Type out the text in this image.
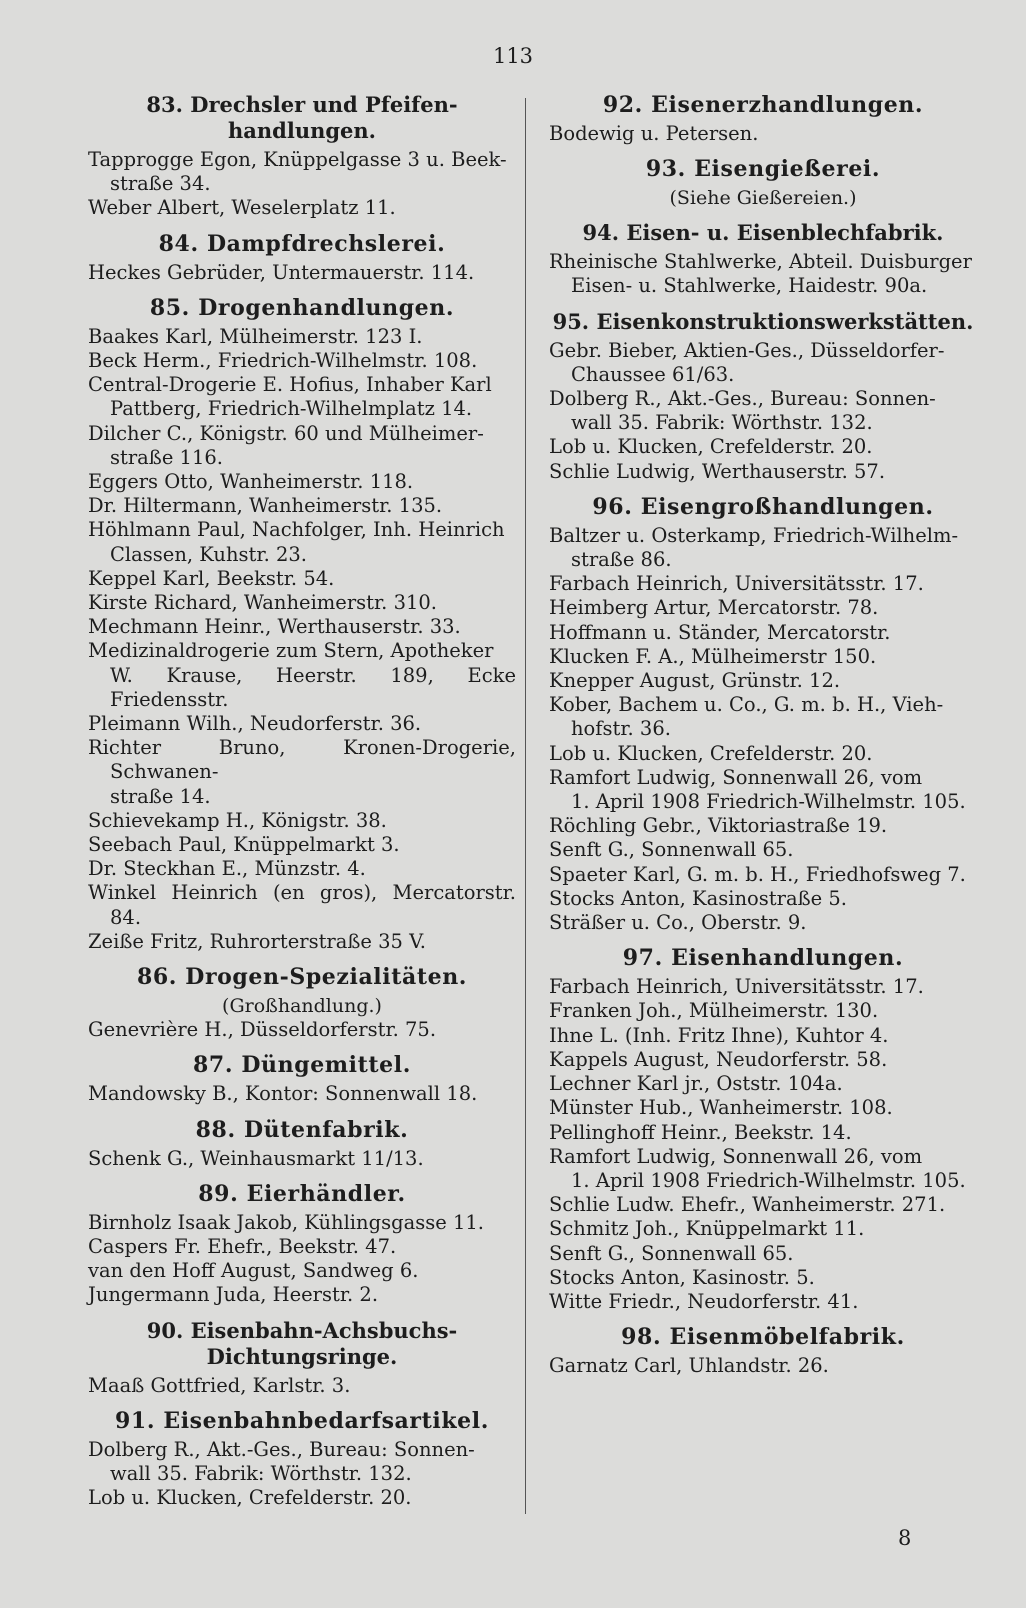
113
83. Drechsler und Pfeifen-
handlungen.
Tapprogge Egon, Knüppelgasse 3 u. Beek-
straße 34.
Weber Albert, Weselerplatz 11.
84. Dampfdrechslerei.
Heckes Gebrüder, Untermauerstr. 114.
85. Drogenhandlungen.
Baakes Karl, Mülheimerstr. 123 I.
Beck Herm., Friedrich-Wilhelmstr. 108.
Central-Drogerie E. Hofius, Inhaber Karl
Pattberg, Friedrich-Wilhelmplatz 14.
Dilcher C., Königstr. 60 und Mülheimer-
straße 116.
Eggers Otto, Wanheimerstr. 118.
Dr. Hiltermann, Wanheimerstr. 135.
Höhlmann Paul, Nachfolger, Inh. Heinrich
Classen, Kuhstr. 23.
Keppel Karl, Beekstr. 54.
Kirste Richard, Wanheimerstr. 310.
Mechmann Heinr., Werthauserstr. 33.
Medizinaldrogerie zum Stern, Apotheker
W. Krause, Heerstr. 189, Ecke Friedensstr.
Pleimann Wilh., Neudorferstr. 36.
Richter Bruno, Kronen-Drogerie, Schwanen-
straße 14.
Schievekamp H., Königstr. 38.
Seebach Paul, Knüppelmarkt 3.
Dr. Steckhan E., Münzstr. 4.
Winkel Heinrich (en gros), Mercatorstr. 84.
Zeiße Fritz, Ruhrorterstraße 35 V.
86. Drogen-Spezialitäten.
(Großhandlung.)
Genevrière H., Düsseldorferstr. 75.
87. Düngemittel.
Mandowsky B., Kontor: Sonnenwall 18.
88. Dütenfabrik.
Schenk G., Weinhausmarkt 11/13.
89. Eierhändler.
Birnholz Isaak Jakob, Kühlingsgasse 11.
Caspers Fr. Ehefr., Beekstr. 47.
van den Hoff August, Sandweg 6.
Jungermann Juda, Heerstr. 2.
90. Eisenbahn-Achsbuchs-
Dichtungsringe.
Maaß Gottfried, Karlstr. 3.
91. Eisenbahnbedarfsartikel.
Dolberg R., Akt.-Ges., Bureau: Sonnen-
wall 35. Fabrik: Wörthstr. 132.
Lob u. Klucken, Crefelderstr. 20.
92. Eisenerzhandlungen.
Bodewig u. Petersen.
93. Eisengießerei.
(Siehe Gießereien.)
94. Eisen- u. Eisenblechfabrik.
Rheinische Stahlwerke, Abteil. Duisburger
Eisen- u. Stahlwerke, Haidestr. 90a.
95. Eisenkonstruktionswerkstätten.
Gebr. Bieber, Aktien-Ges., Düsseldorfer-
Chaussee 61/63.
Dolberg R., Akt.-Ges., Bureau: Sonnen-
wall 35. Fabrik: Wörthstr. 132.
Lob u. Klucken, Crefelderstr. 20.
Schlie Ludwig, Werthauserstr. 57.
96. Eisengroßhandlungen.
Baltzer u. Osterkamp, Friedrich-Wilhelm-
straße 86.
Farbach Heinrich, Universitätsstr. 17.
Heimberg Artur, Mercatorstr. 78.
Hoffmann u. Ständer, Mercatorstr.
Klucken F. A., Mülheimerstr 150.
Knepper August, Grünstr. 12.
Kober, Bachem u. Co., G. m. b. H., Vieh-
hofstr. 36.
Lob u. Klucken, Crefelderstr. 20.
Ramfort Ludwig, Sonnenwall 26, vom
1. April 1908 Friedrich-Wilhelmstr. 105.
Röchling Gebr., Viktoriastraße 19.
Senft G., Sonnenwall 65.
Spaeter Karl, G. m. b. H., Friedhofsweg 7.
Stocks Anton, Kasinostraße 5.
Sträßer u. Co., Oberstr. 9.
97. Eisenhandlungen.
Farbach Heinrich, Universitätsstr. 17.
Franken Joh., Mülheimerstr. 130.
Ihne L. (Inh. Fritz Ihne), Kuhtor 4.
Kappels August, Neudorferstr. 58.
Lechner Karl jr., Oststr. 104a.
Münster Hub., Wanheimerstr. 108.
Pellinghoff Heinr., Beekstr. 14.
Ramfort Ludwig, Sonnenwall 26, vom
1. April 1908 Friedrich-Wilhelmstr. 105.
Schlie Ludw. Ehefr., Wanheimerstr. 271.
Schmitz Joh., Knüppelmarkt 11.
Senft G., Sonnenwall 65.
Stocks Anton, Kasinostr. 5.
Witte Friedr., Neudorferstr. 41.
98. Eisenmöbelfabrik.
Garnatz Carl, Uhlandstr. 26.
8
